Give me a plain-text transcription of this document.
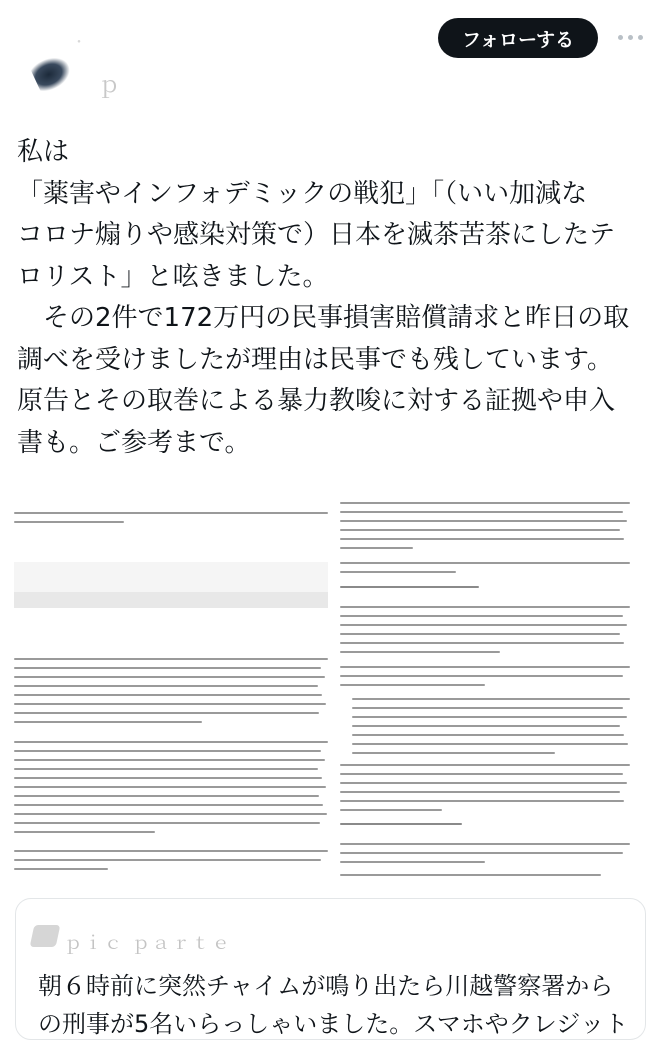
・
ｐ
フォローする
私は
「薬害やインフォデミックの戦犯」「（いい加減な
コロナ煽りや感染対策で）日本を滅茶苦茶にしたテ
ロリスト」と呟きました。
　その2件で172万円の民事損害賠償請求と昨日の取
調べを受けましたが理由は民事でも残しています。
原告とその取巻による暴力教唆に対する証拠や申入
書も。ご参考まで。
ｐｉｃ ｐａｒｔｅ
朝６時前に突然チャイムが鳴り出たら川越警察署から
の刑事が5名いらっしゃいました。スマホやクレジット
